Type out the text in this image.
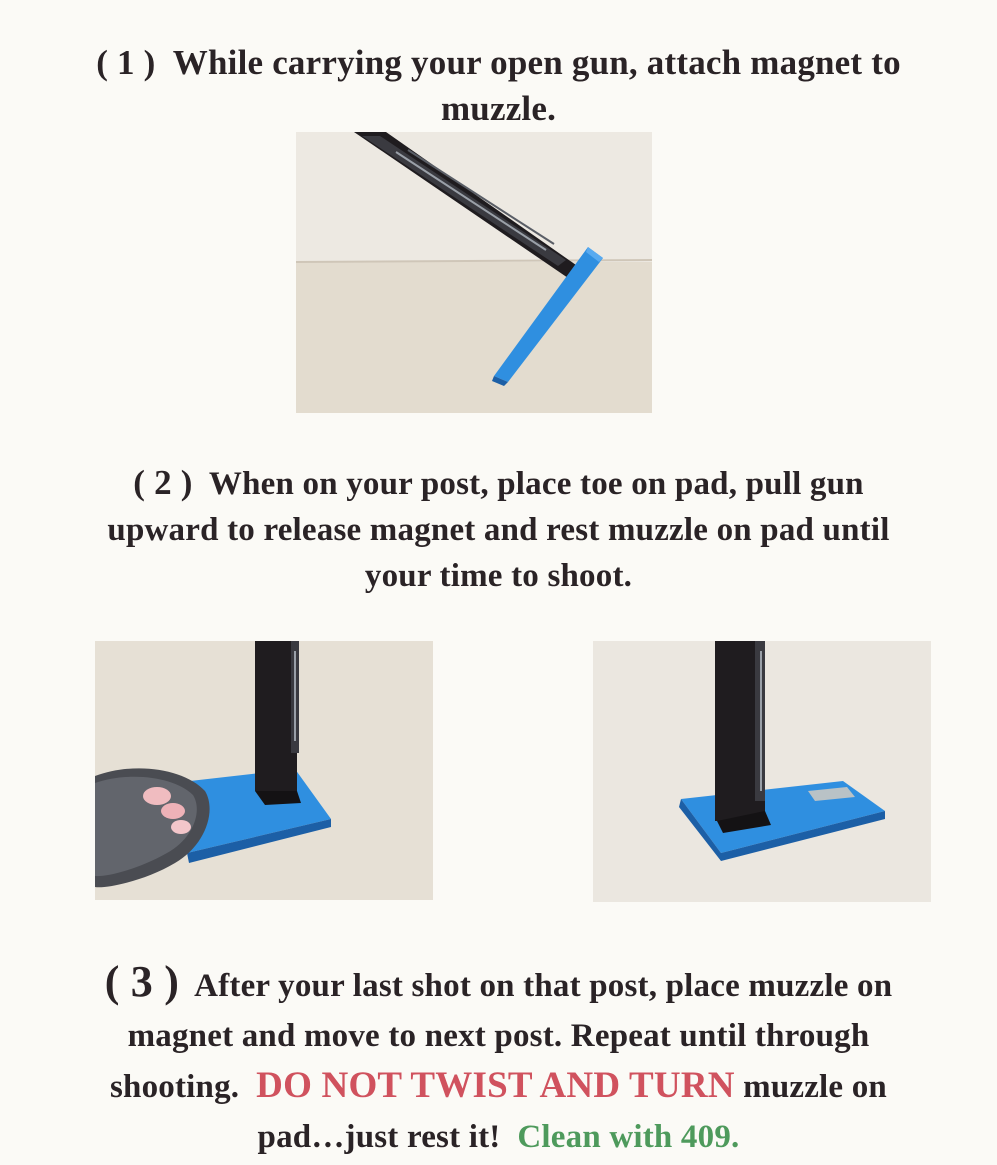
( 1 ) While carrying your open gun, attach magnet to
muzzle.
( 2 ) When on your post, place toe on pad, pull gun
upward to release magnet and rest muzzle on pad until
your time to shoot.
( 3 ) After your last shot on that post, place muzzle on
magnet and move to next post. Repeat until through
shooting. DO NOT TWIST AND TURN muzzle on
pad…just rest it! Clean with 409.
